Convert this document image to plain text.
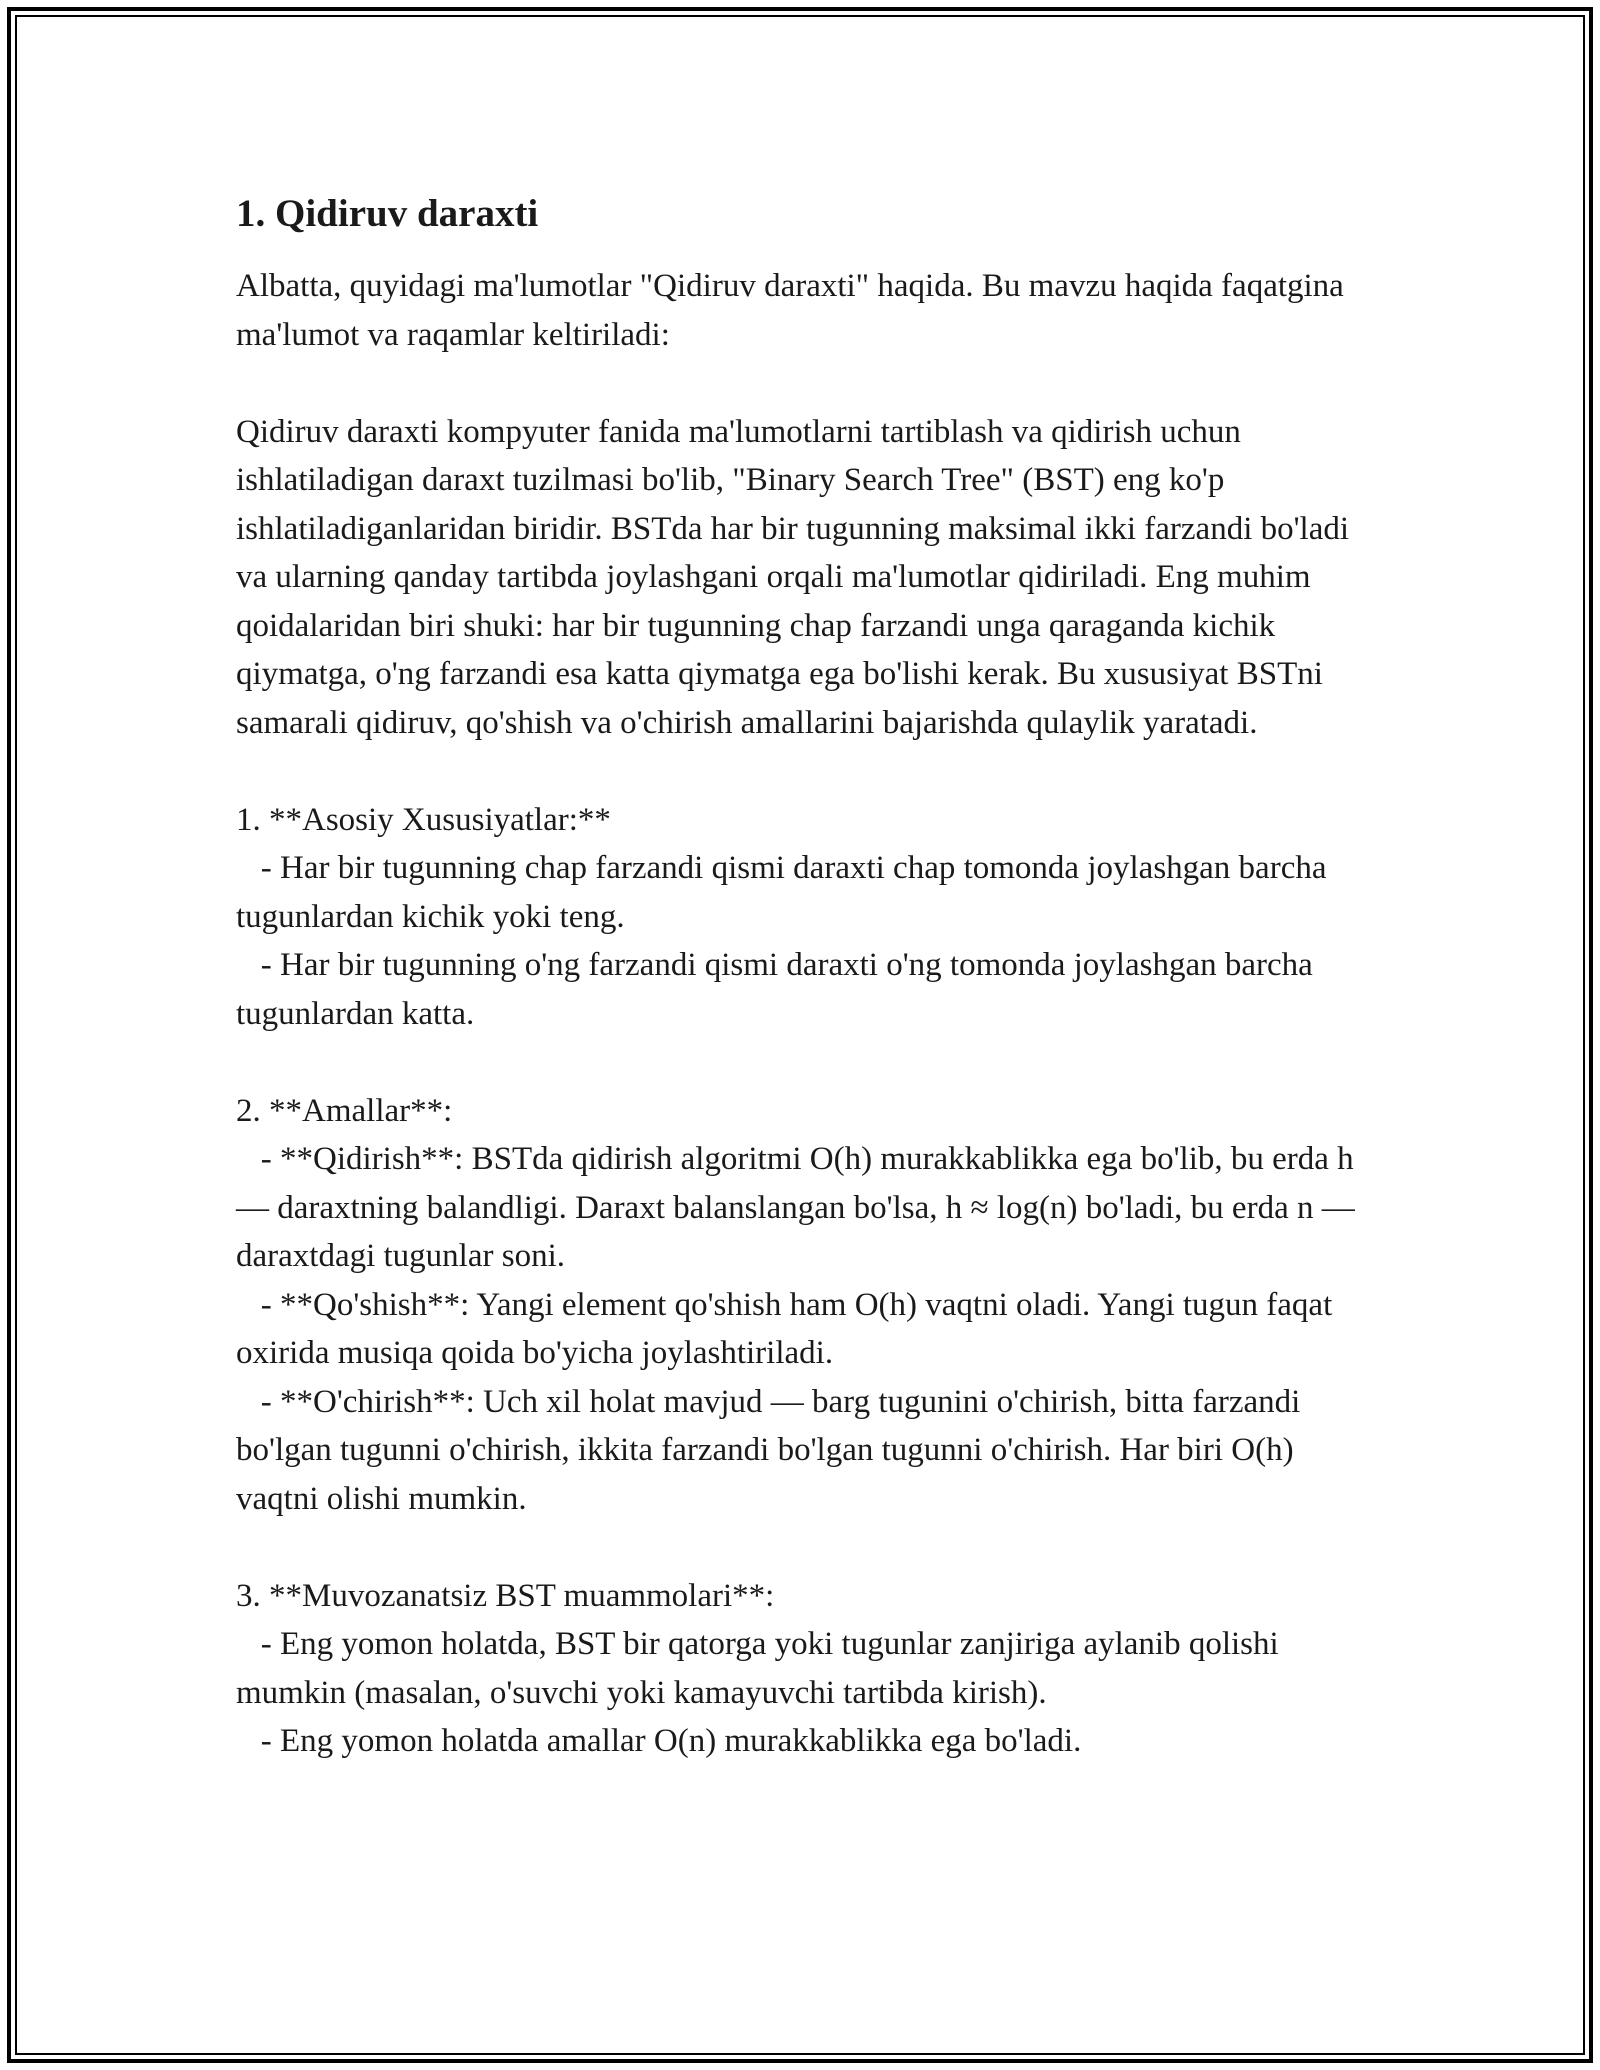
1. Qidiruv daraxti

Albatta, quyidagi ma'lumotlar "Qidiruv daraxti" haqida. Bu mavzu haqida faqatgina ma'lumot va raqamlar keltiriladi:

Qidiruv daraxti kompyuter fanida ma'lumotlarni tartiblash va qidirish uchun ishlatiladigan daraxt tuzilmasi bo'lib, "Binary Search Tree" (BST) eng ko'p ishlatiladiganlaridan biridir. BSTda har bir tugunning maksimal ikki farzandi bo'ladi va ularning qanday tartibda joylashgani orqali ma'lumotlar qidiriladi. Eng muhim qoidalaridan biri shuki: har bir tugunning chap farzandi unga qaraganda kichik qiymatga, o'ng farzandi esa katta qiymatga ega bo'lishi kerak. Bu xususiyat BSTni samarali qidiruv, qo'shish va o'chirish amallarini bajarishda qulaylik yaratadi.

1. **Asosiy Xususiyatlar:**

- Har bir tugunning chap farzandi qismi daraxti chap tomonda joylashgan barcha tugunlardan kichik yoki teng.

- Har bir tugunning o'ng farzandi qismi daraxti o'ng tomonda joylashgan barcha tugunlardan katta.

2. **Amallar**:

- **Qidirish**: BSTda qidirish algoritmi O(h) murakkablikka ega bo'lib, bu erda h — daraxtning balandligi. Daraxt balanslangan bo'lsa, h ≈ log(n) bo'ladi, bu erda n — daraxtdagi tugunlar soni.

- **Qo'shish**: Yangi element qo'shish ham O(h) vaqtni oladi. Yangi tugun faqat oxirida musiqa qoida bo'yicha joylashtiriladi.

- **O'chirish**: Uch xil holat mavjud — barg tugunini o'chirish, bitta farzandi bo'lgan tugunni o'chirish, ikkita farzandi bo'lgan tugunni o'chirish. Har biri O(h) vaqtni olishi mumkin.

3. **Muvozanatsiz BST muammolari**:

- Eng yomon holatda, BST bir qatorga yoki tugunlar zanjiriga aylanib qolishi mumkin (masalan, o'suvchi yoki kamayuvchi tartibda kirish).

- Eng yomon holatda amallar O(n) murakkablikka ega bo'ladi.
